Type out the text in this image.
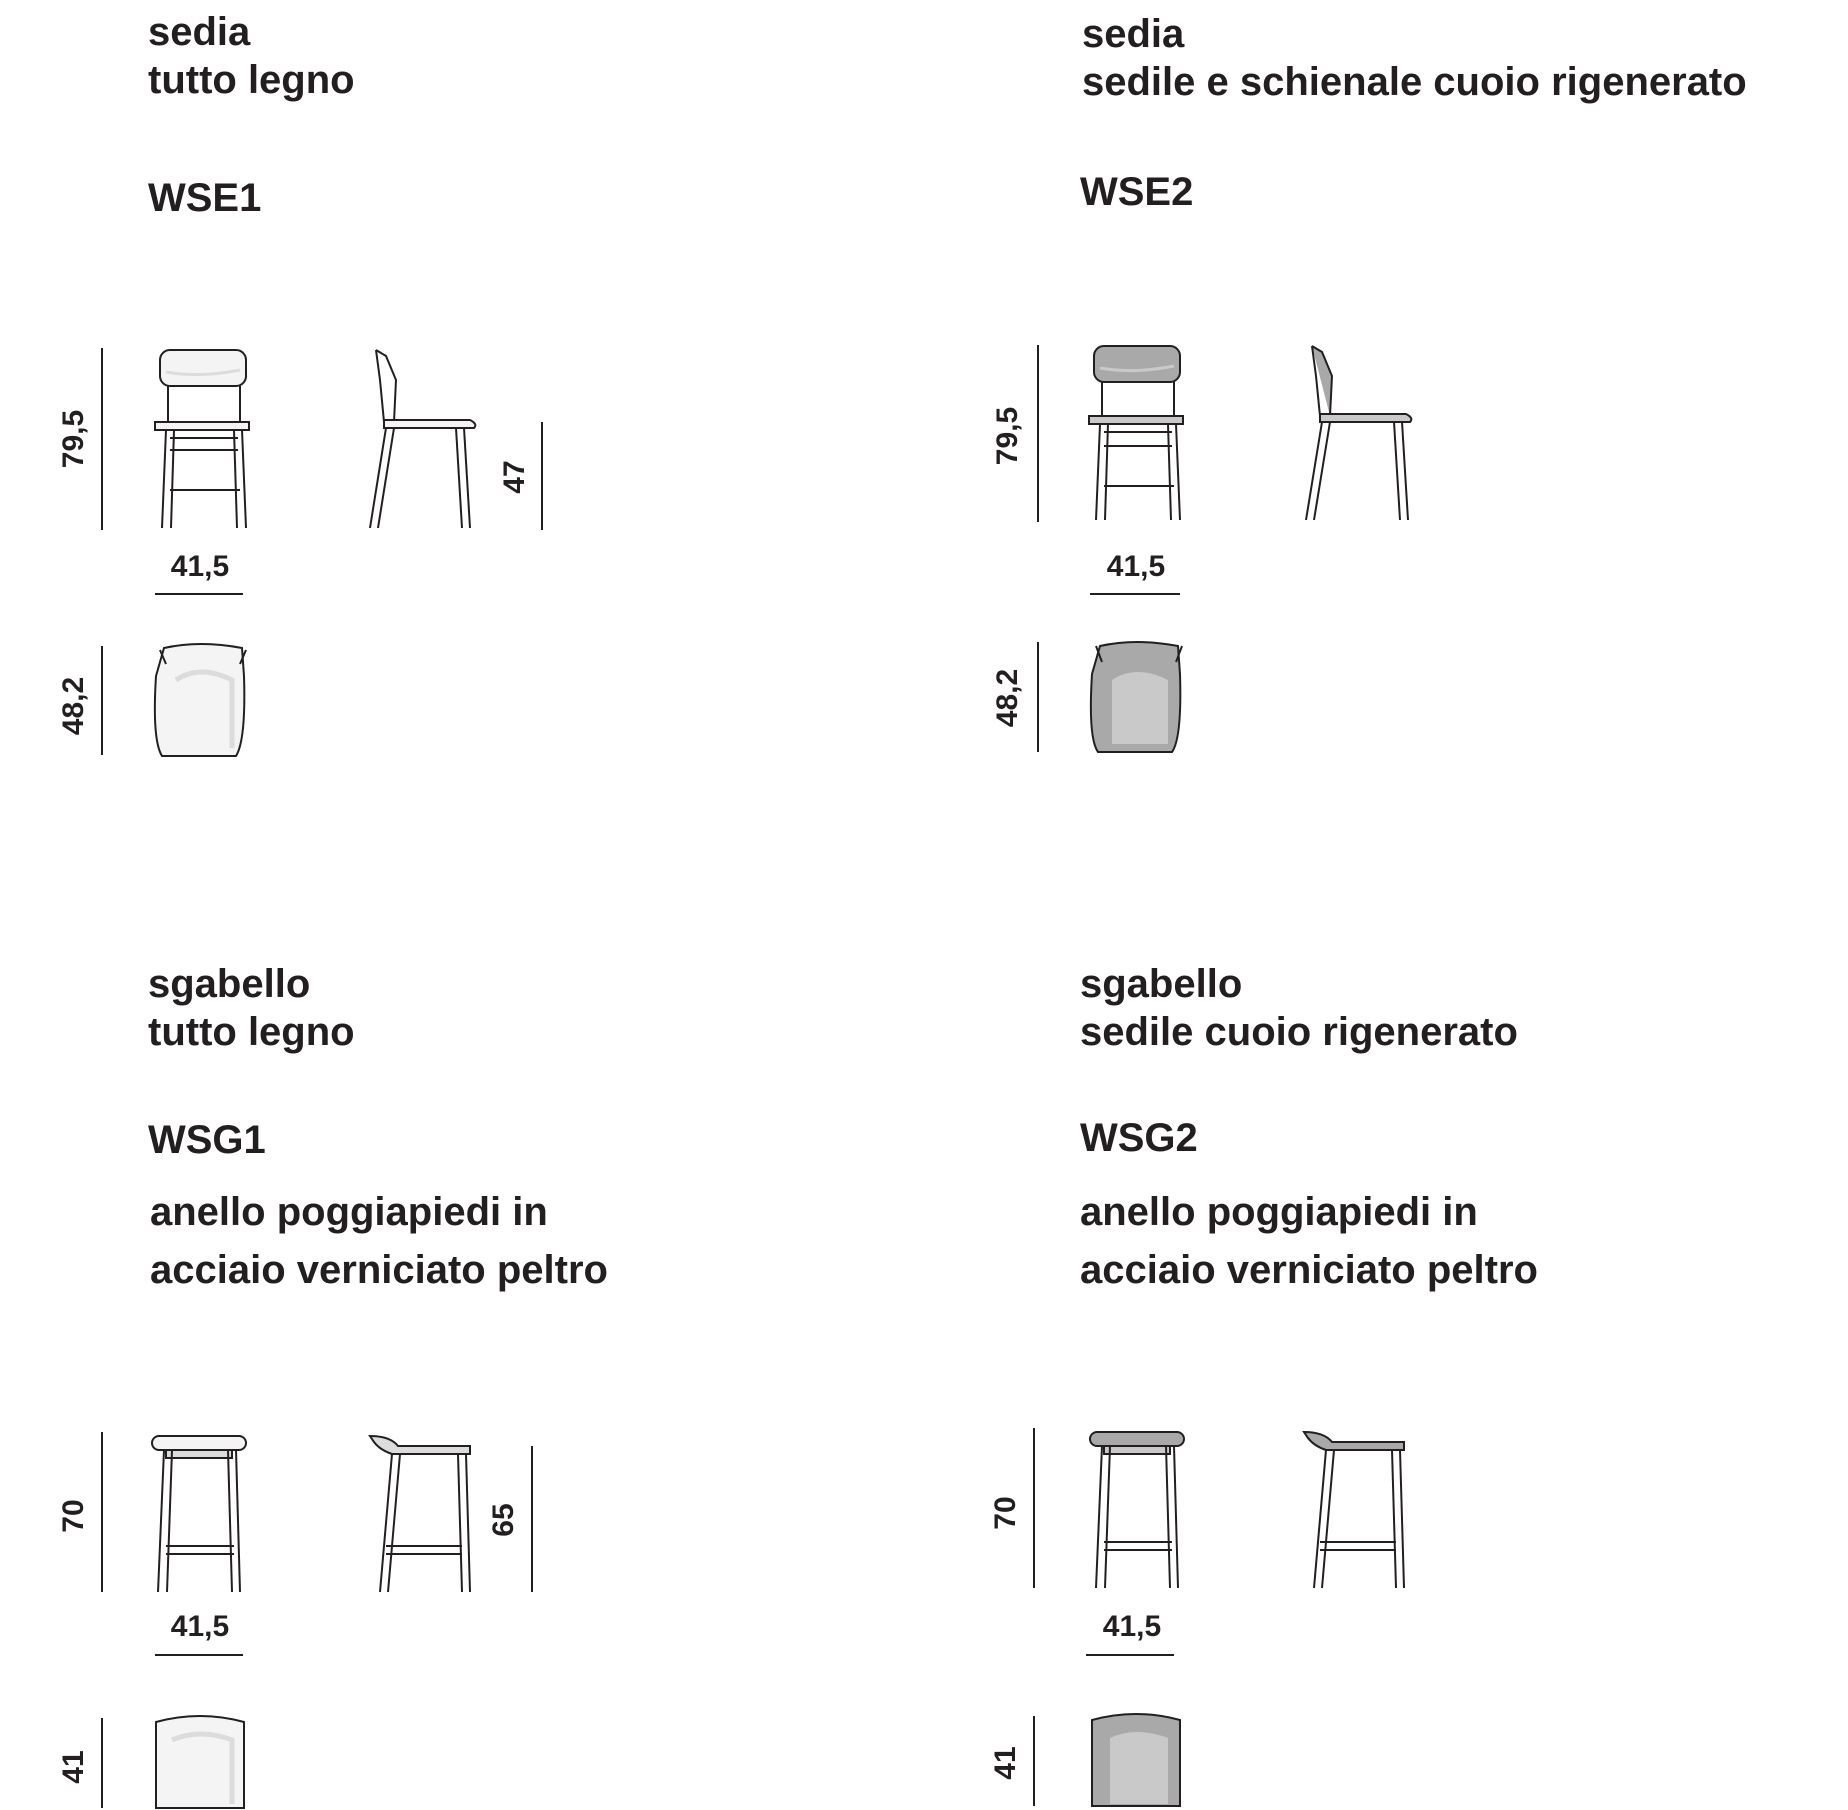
sedia
tutto legno
WSE1
79,5
41,5
47
48,2
sedia
sedile e schienale cuoio rigenerato
WSE2
79,5
41,5
48,2
sgabello
tutto legno
WSG1
anello poggiapiedi in
acciaio verniciato peltro
70
41,5
65
41
sgabello
sedile cuoio rigenerato
WSG2
anello poggiapiedi in
acciaio verniciato peltro
70
41,5
41
